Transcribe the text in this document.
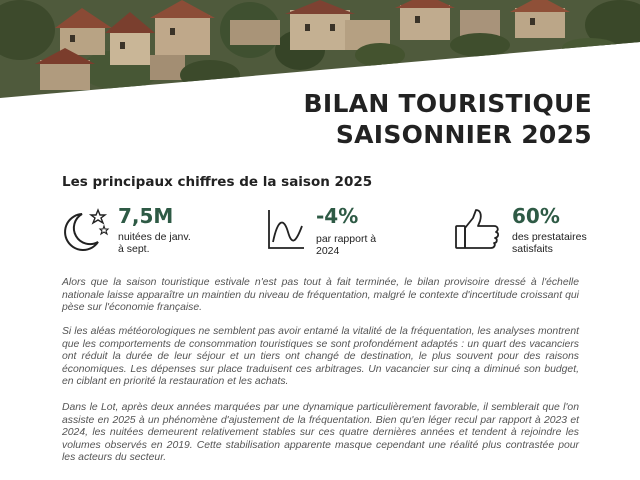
BILAN TOURISTIQUE
SAISONNIER 2025
Les principaux chiffres de la saison 2025
7,5M
nuitées de janv. à sept.
-4%
par rapport à 2024
60%
des prestataires satisfaits

Alors que la saison touristique estivale n'est pas tout à fait terminée, le bilan provisoire dressé à l'échelle nationale laisse apparaître un maintien du niveau de fréquentation, malgré le contexte d'incertitude croissant qui pèse sur l'économie française.

Si les aléas météorologiques ne semblent pas avoir entamé la vitalité de la fréquentation, les analyses montrent que les comportements de consommation touristiques se sont profondément adaptés : un quart des vacanciers ont réduit la durée de leur séjour et un tiers ont changé de destination, le plus souvent pour des raisons économiques. Les dépenses sur place traduisent ces arbitrages. Un vacancier sur cinq a diminué son budget, en ciblant en priorité la restauration et les achats.

Dans le Lot, après deux années marquées par une dynamique particulièrement favorable, il semblerait que l'on assiste en 2025 à un phénomène d'ajustement de la fréquentation. Bien qu'en léger recul par rapport à 2023 et 2024, les nuitées demeurent relativement stables sur ces quatre dernières années et tendent à rejoindre les volumes observés en 2019. Cette stabilisation apparente masque cependant une réalité plus contrastée pour les acteurs du secteur.
